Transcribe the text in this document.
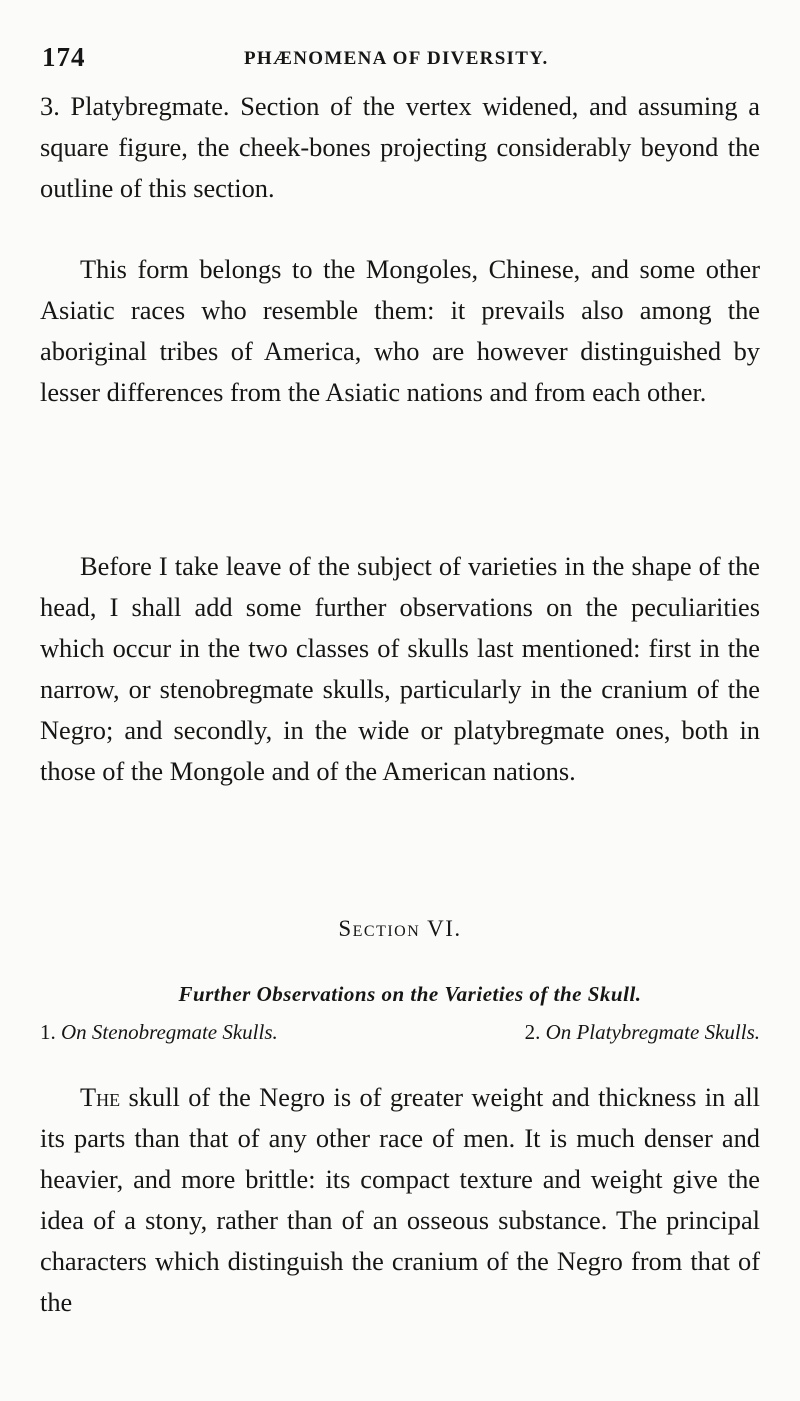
174	PHÆNOMENA OF DIVERSITY.

3. Platybregmate. Section of the vertex widened, and assuming a square figure, the cheek-bones projecting considerably beyond the outline of this section.

This form belongs to the Mongoles, Chinese, and some other Asiatic races who resemble them: it prevails also among the aboriginal tribes of America, who are however distinguished by lesser differences from the Asiatic nations and from each other.

Before I take leave of the subject of varieties in the shape of the head, I shall add some further observations on the peculiarities which occur in the two classes of skulls last mentioned: first in the narrow, or stenobregmate skulls, particularly in the cranium of the Negro; and secondly, in the wide or platybregmate ones, both in those of the Mongole and of the American nations.

Section VI.
Further Observations on the Varieties of the Skull.
1. On Stenobregmate Skulls.	2. On Platybregmate Skulls.

The skull of the Negro is of greater weight and thickness in all its parts than that of any other race of men. It is much denser and heavier, and more brittle: its compact texture and weight give the idea of a stony, rather than of an osseous substance. The principal characters which distinguish the cranium of the Negro from that of the
